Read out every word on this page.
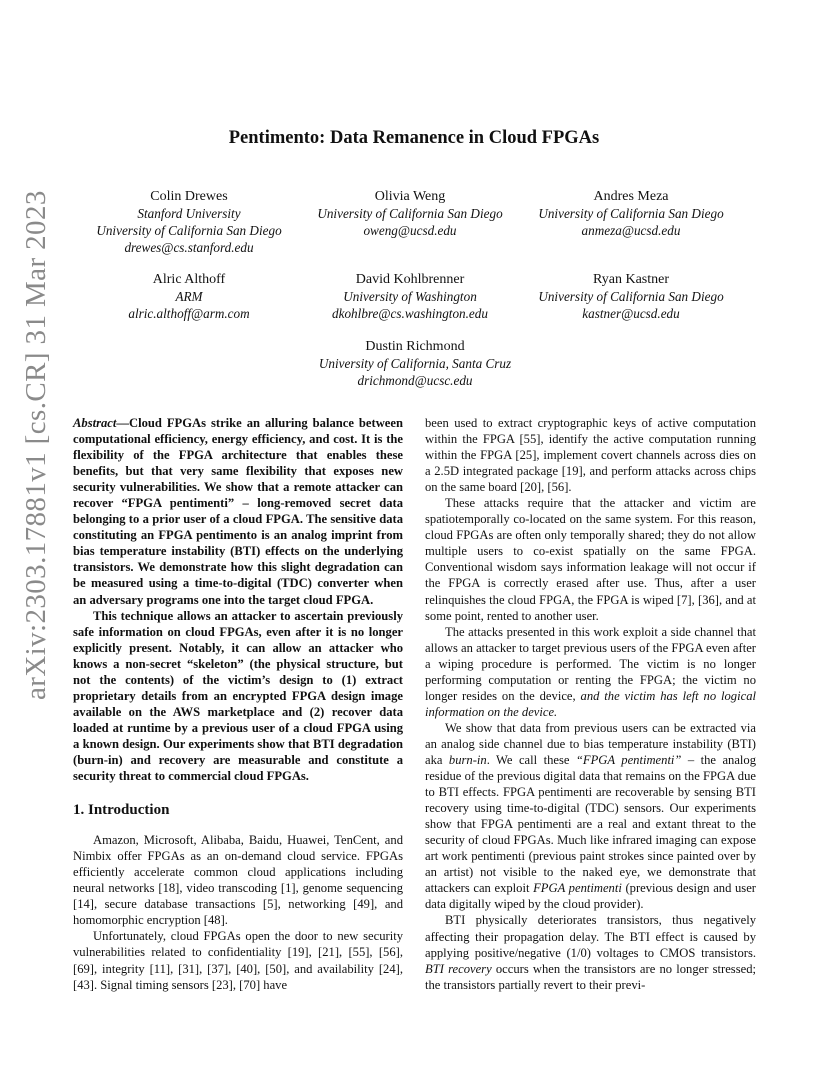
Pentimento: Data Remanence in Cloud FPGAs
arXiv:2303.17881v1 [cs.CR] 31 Mar 2023	Colin Drewes
Stanford University
University of California San Diego
drewes@cs.stanford.edu
Olivia Weng
University of California San Diego
oweng@ucsd.edu
Andres Meza
University of California San Diego
anmeza@ucsd.edu
Alric Althoff
ARM
alric.althoff@arm.com
David Kohlbrenner
University of Washington
dkohlbre@cs.washington.edu
Ryan Kastner
University of California San Diego
kastner@ucsd.edu
Dustin Richmond
University of California, Santa Cruz
drichmond@ucsc.edu

Abstract—Cloud FPGAs strike an alluring balance between computational efficiency, energy efficiency, and cost. It is the flexibility of the FPGA architecture that enables these benefits, but that very same flexibility that exposes new security vulnerabilities. We show that a remote attacker can recover “FPGA pentimenti” – long-removed secret data belonging to a prior user of a cloud FPGA. The sensitive data constituting an FPGA pentimento is an analog imprint from bias temperature instability (BTI) effects on the underlying transistors. We demonstrate how this slight degradation can be measured using a time-to-digital (TDC) converter when an adversary programs one into the target cloud FPGA.

This technique allows an attacker to ascertain previously safe information on cloud FPGAs, even after it is no longer explicitly present. Notably, it can allow an attacker who knows a non-secret “skeleton” (the physical structure, but not the contents) of the victim’s design to (1) extract proprietary details from an encrypted FPGA design image available on the AWS marketplace and (2) recover data loaded at runtime by a previous user of a cloud FPGA using a known design. Our experiments show that BTI degradation (burn-in) and recovery are measurable and constitute a security threat to commercial cloud FPGAs.

1. Introduction

Amazon, Microsoft, Alibaba, Baidu, Huawei, TenCent, and Nimbix offer FPGAs as an on-demand cloud service. FPGAs efficiently accelerate common cloud applications including neural networks [18], video transcoding [1], genome sequencing [14], secure database transactions [5], networking [49], and homomorphic encryption [48].

Unfortunately, cloud FPGAs open the door to new security vulnerabilities related to confidentiality [19], [21], [55], [56], [69], integrity [11], [31], [37], [40], [50], and availability [24], [43]. Signal timing sensors [23], [70] have

been used to extract cryptographic keys of active computation within the FPGA [55], identify the active computation running within the FPGA [25], implement covert channels across dies on a 2.5D integrated package [19], and perform attacks across chips on the same board [20], [56].

These attacks require that the attacker and victim are spatiotemporally co-located on the same system. For this reason, cloud FPGAs are often only temporally shared; they do not allow multiple users to co-exist spatially on the same FPGA. Conventional wisdom says information leakage will not occur if the FPGA is correctly erased after use. Thus, after a user relinquishes the cloud FPGA, the FPGA is wiped [7], [36], and at some point, rented to another user.

The attacks presented in this work exploit a side channel that allows an attacker to target previous users of the FPGA even after a wiping procedure is performed. The victim is no longer performing computation or renting the FPGA; the victim no longer resides on the device, and the victim has left no logical information on the device.

We show that data from previous users can be extracted via an analog side channel due to bias temperature instability (BTI) aka burn-in. We call these “FPGA pentimenti” – the analog residue of the previous digital data that remains on the FPGA due to BTI effects. FPGA pentimenti are recoverable by sensing BTI recovery using time-to-digital (TDC) sensors. Our experiments show that FPGA pentimenti are a real and extant threat to the security of cloud FPGAs. Much like infrared imaging can expose art work pentimenti (previous paint strokes since painted over by an artist) not visible to the naked eye, we demonstrate that attackers can exploit FPGA pentimenti (previous design and user data digitally wiped by the cloud provider).

BTI physically deteriorates transistors, thus negatively affecting their propagation delay. The BTI effect is caused by applying positive/negative (1/0) voltages to CMOS transistors. BTI recovery occurs when the transistors are no longer stressed; the transistors partially revert to their previ-
